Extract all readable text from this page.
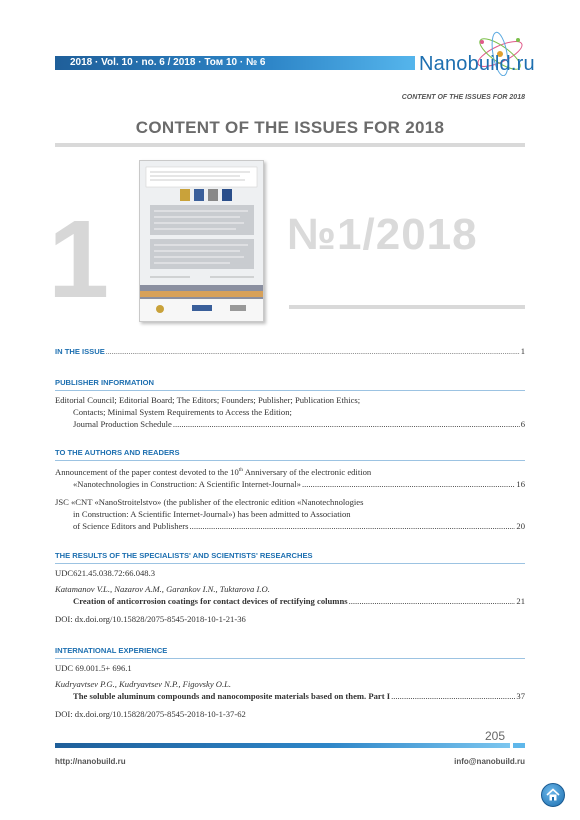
2018 · Vol. 10 · no. 6 / 2018 · Том 10 · № 6	Nanobuild.ru
CONTENT OF THE ISSUES FOR 2018
CONTENT OF THE ISSUES FOR 2018
1	№1/2018
IN THE ISSUE .....	1
PUBLISHER INFORMATION
Editorial Council; Editorial Board; The Editors; Founders; Publisher; Publication Ethics;
Contacts; Minimal System Requirements to Access the Edition;
Journal Production Schedule .....	6
TO THE AUTHORS AND READERS
Announcement of the paper contest devoted to the 10th Anniversary of the electronic edition
«Nanotechnologies in Construction: A Scientific Internet-Journal» .....	16
JSC «CNT «NanoStroitelstvo» (the publisher of the electronic edition «Nanotechnologies
in Construction: A Scientific Internet-Journal») has been admitted to Association
of Science Editors and Publishers .....	20
THE RESULTS OF THE SPECIALISTS' AND SCIENTISTS' RESEARCHES
UDC621.45.038.72:66.048.3
Katamanov V.L., Nazarov A.M., Garankov I.N., Tuktarova I.O.
Creation of anticorrosion coatings for contact devices of rectifying columns .....	21
DOI: dx.doi.org/10.15828/2075-8545-2018-10-1-21-36
INTERNATIONAL EXPERIENCE
UDC 69.001.5+ 696.1
Kudryavtsev P.G., Kudryavtsev N.P., Figovsky O.L.
The soluble aluminum compounds and nanocomposite materials based on them. Part I .....	37
DOI: dx.doi.org/10.15828/2075-8545-2018-10-1-37-62
205
http://nanobuild.ru	info@nanobuild.ru
